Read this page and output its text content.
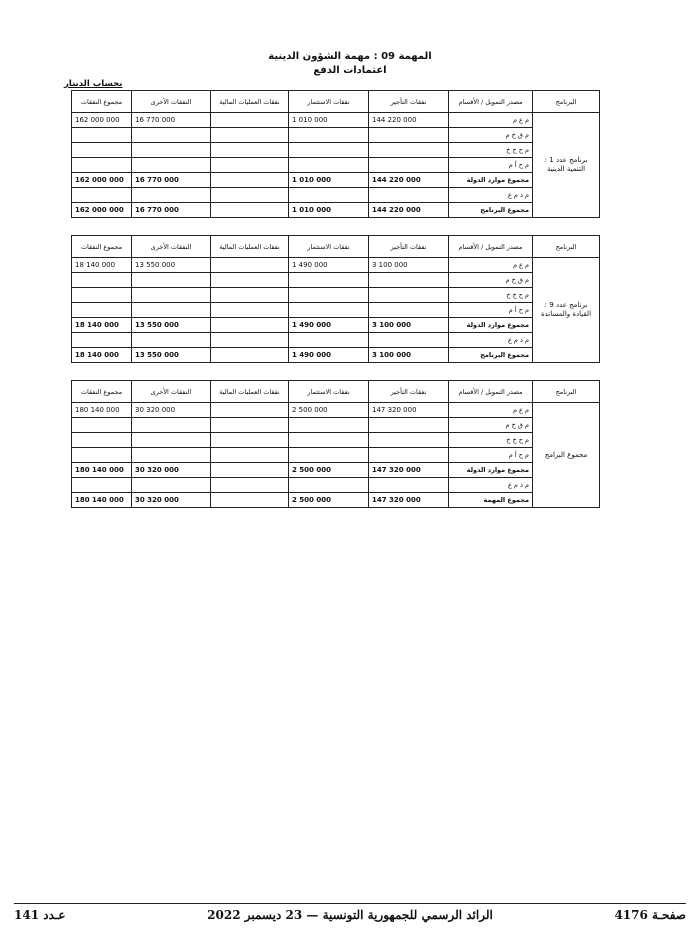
المهمة 09 : مهمة الشؤون الدينية
اعتمادات الدفع
بحساب الدينار
البرنامج	مصدر التمويل / الأقسام	نفقات التأجير	نفقات الاستثمار	نفقات العمليات المالية	النفقات الأخرى	مجموع النفقات
برنامج عدد 1 : التنمية الدينية	م ع م	144 220 000	1 010 000		16 770 000	162 000 000
	م ق خ م					
	م ح خ خ					
	م ح أ م					
	مجموع موارد الدولة	144 220 000	1 010 000		16 770 000	162 000 000
	م ذ م ع					
	مجموع البرنامج	144 220 000	1 010 000		16 770 000	162 000 000
البرنامج	مصدر التمويل / الأقسام	نفقات التأجير	نفقات الاستثمار	نفقات العمليات المالية	النفقات الأخرى	مجموع النفقات
برنامج عدد 9 : القيادة والمساندة	م ع م	3 100 000	1 490 000		13 550 000	18 140 000
	م ق خ م					
	م ح خ خ					
	م ح أ م					
	مجموع موارد الدولة	3 100 000	1 490 000		13 550 000	18 140 000
	م ذ م ع					
	مجموع البرنامج	3 100 000	1 490 000		13 550 000	18 140 000
البرنامج	مصدر التمويل / الأقسام	نفقات التأجير	نفقات الاستثمار	نفقات العمليات المالية	النفقات الأخرى	مجموع النفقات
مجموع البرامج	م ع م	147 320 000	2 500 000		30 320 000	180 140 000
	م ق خ م					
	م ح خ خ					
	م ح أ م					
	مجموع موارد الدولة	147 320 000	2 500 000		30 320 000	180 140 000
	م ذ م ع					
	مجموع المهمة	147 320 000	2 500 000		30 320 000	180 140 000
الرائد الرسمي للجمهورية التونسية — 23 ديسمبر 2022	صفحـة 4176
عـدد 141
